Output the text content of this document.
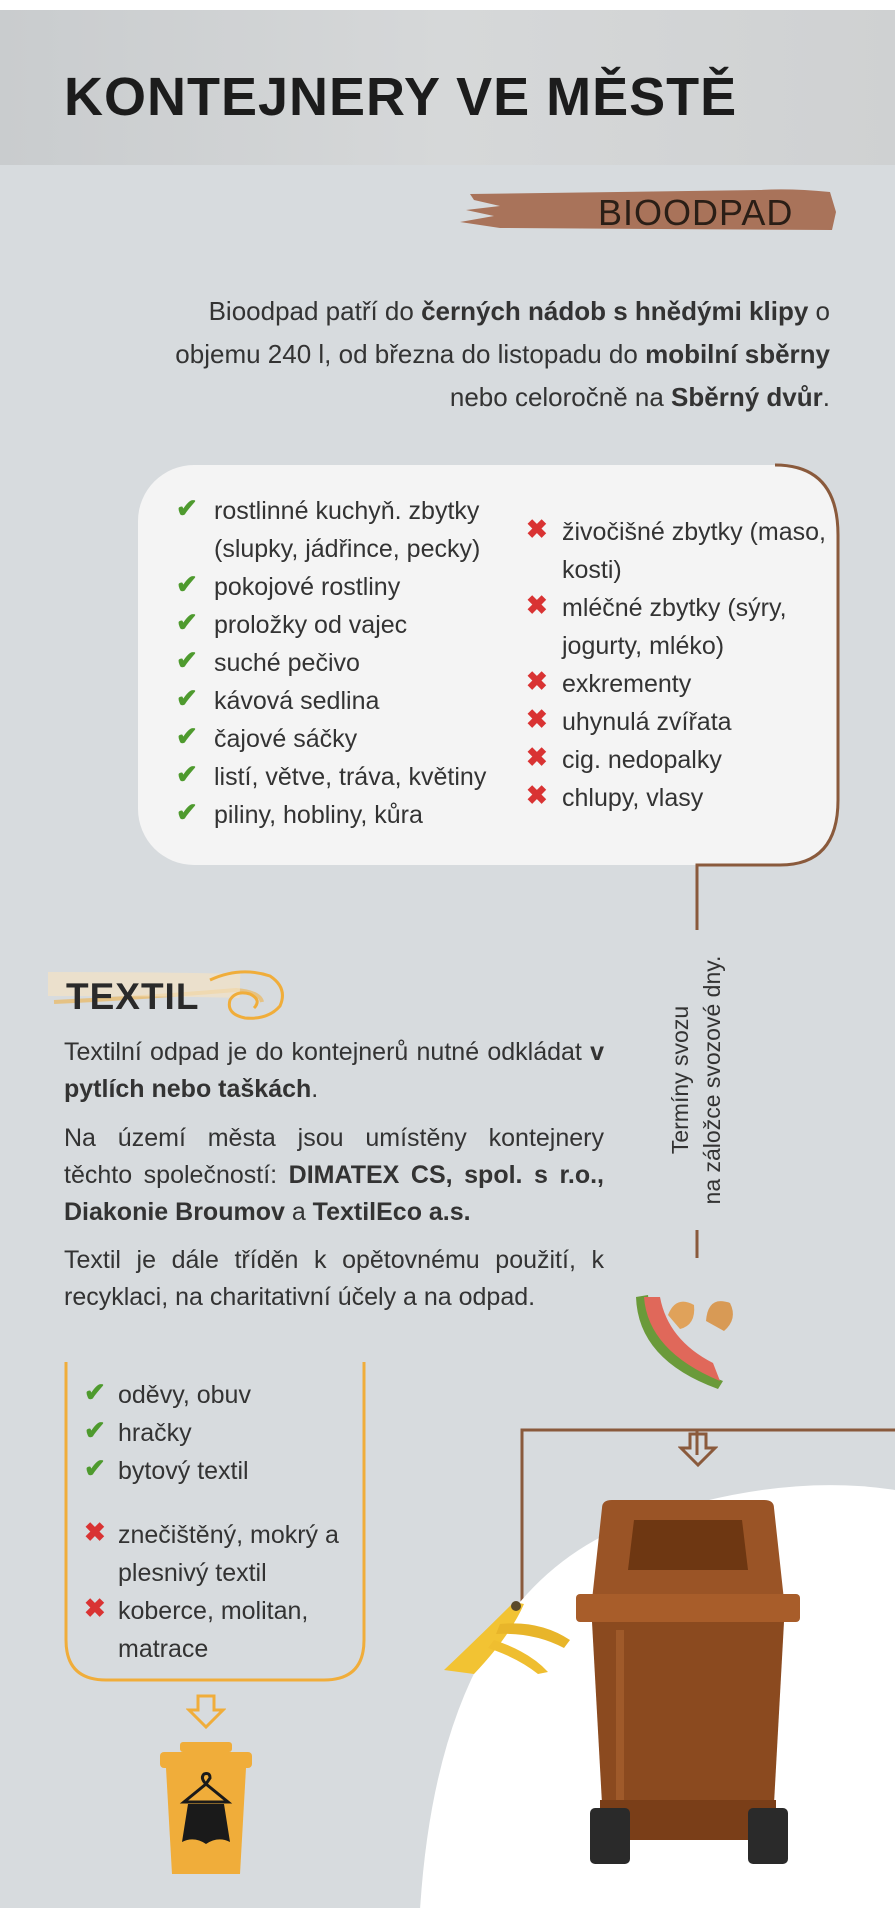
KONTEJNERY VE MĚSTĚ
BIOODPAD

Bioodpad patří do černých nádob s hnědými klipy o objemu 240 l, od března do listopadu do mobilní sběrny nebo celoročně na Sběrný dvůr.

✔ rostlinné kuchyň. zbytky (slupky, jádřince, pecky)
✔ pokojové rostliny
✔ proložky od vajec
✔ suché pečivo
✔ kávová sedlina
✔ čajové sáčky
✔ listí, větve, tráva, květiny
✔ piliny, hobliny, kůra
✖ živočišné zbytky (maso, kosti)
✖ mléčné zbytky (sýry, jogurty, mléko)
✖ exkrementy
✖ uhynulá zvířata
✖ cig. nedopalky
✖ chlupy, vlasy
Termíny svozu na záložce svozové dny.
TEXTIL

Textilní odpad je do kontejnerů nutné odkládat v pytlích nebo taškách.

Na území města jsou umístěny kontejnery těchto společností: DIMATEX CS, spol. s r.o., Diakonie Broumov a TextilEco a.s.

Textil je dále tříděn k opětovnému použití, k recyklaci, na charitativní účely a na odpad.

✔ oděvy, obuv
✔ hračky
✔ bytový textil
✖ znečištěný, mokrý a plesnivý textil
✖ koberce, molitan, matrace
